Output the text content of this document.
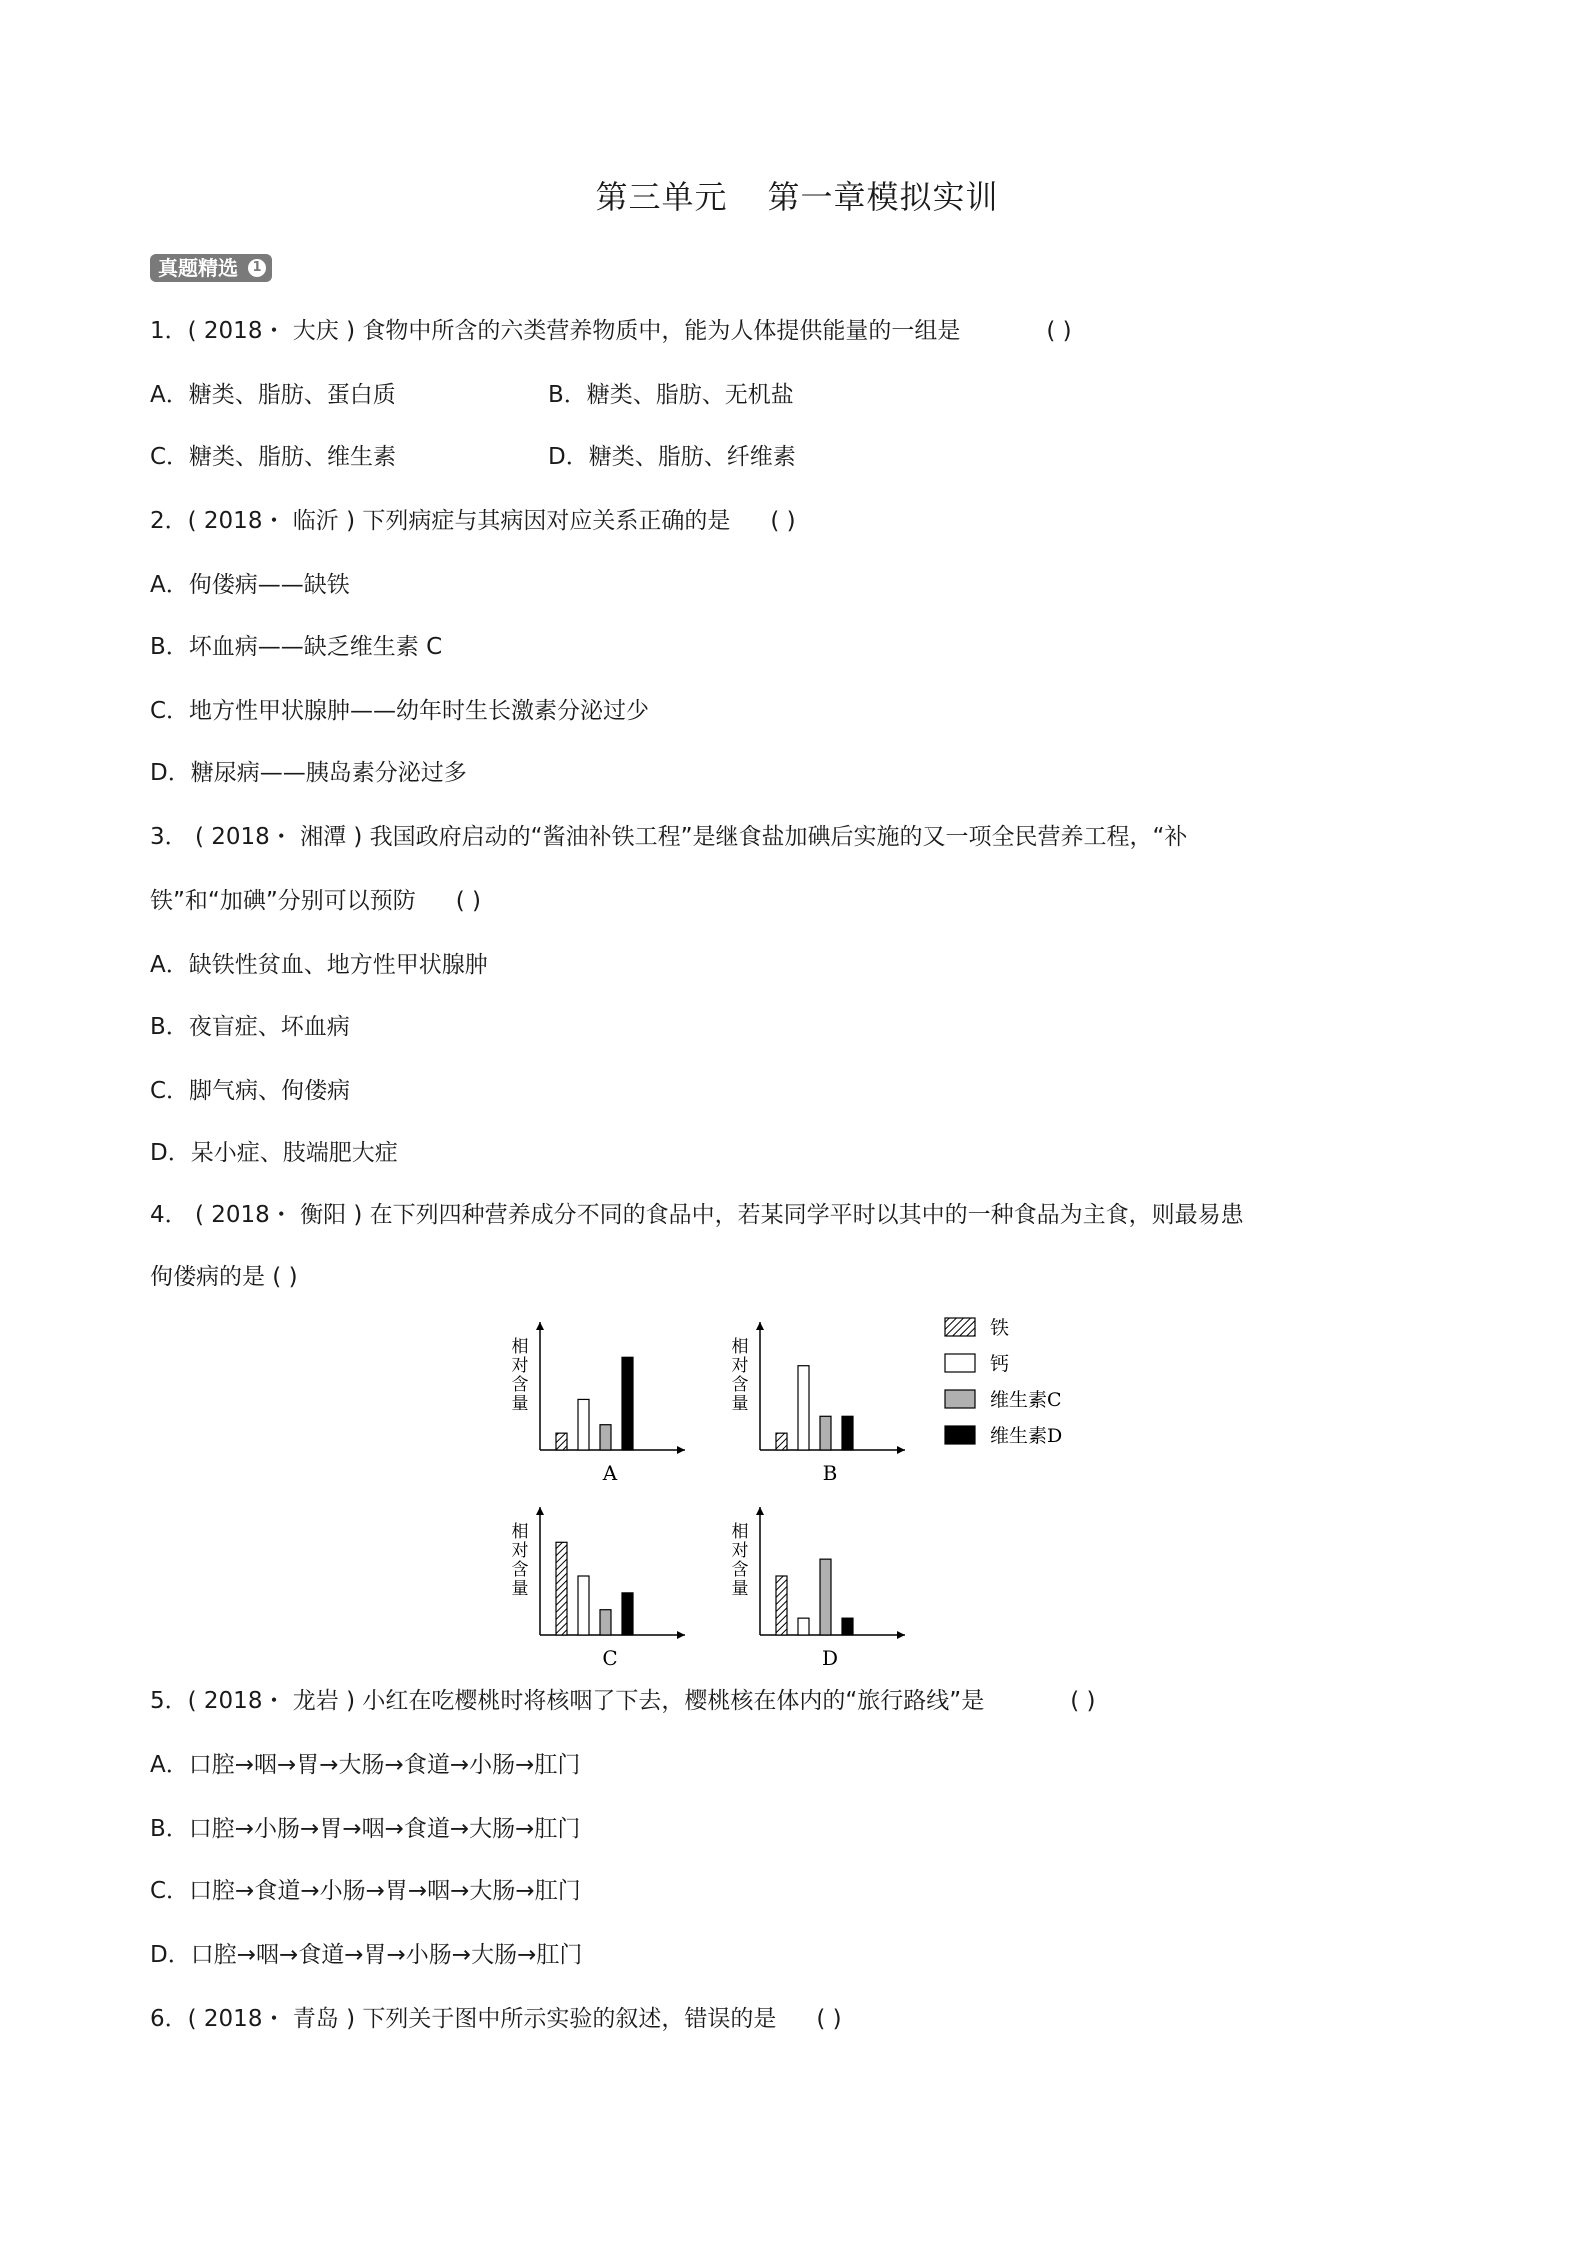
第三单元 第一章模拟实训
真题精选	1
1．( 2018・ 大庆 ) 食物中所含的六类营养物质中，能为人体提供能量的一组是	( )
A．糖类、脂肪、蛋白质	B．糖类、脂肪、无机盐
C．糖类、脂肪、维生素	D．糖类、脂肪、纤维素
2．( 2018・ 临沂 ) 下列病症与其病因对应关系正确的是 ( )
A．佝偻病——缺铁
B．坏血病——缺乏维生素 C
C．地方性甲状腺肿——幼年时生长激素分泌过少
D．糖尿病——胰岛素分泌过多
3． ( 2018・ 湘潭 ) 我国政府启动的“酱油补铁工程”是继食盐加碘后实施的又一项全民营养工程，“补
铁”和“加碘”分别可以预防 ( )
A．缺铁性贫血、地方性甲状腺肿
B．夜盲症、坏血病
C．脚气病、佝偻病
D．呆小症、肢端肥大症
4． ( 2018・ 衡阳 ) 在下列四种营养成分不同的食品中，若某同学平时以其中的一种食品为主食，则最易患
佝偻病的是 ( )
相对含量
A
相对含量
B
相对含量
C
相对含量
D
铁
钙
维生素C
维生素D
5．( 2018・ 龙岩 ) 小红在吃樱桃时将核咽了下去，樱桃核在体内的“旅行路线”是	( )
A．口腔→咽→胃→大肠→食道→小肠→肛门
B．口腔→小肠→胃→咽→食道→大肠→肛门
C．口腔→食道→小肠→胃→咽→大肠→肛门
D．口腔→咽→食道→胃→小肠→大肠→肛门
6．( 2018・ 青岛 ) 下列关于图中所示实验的叙述，错误的是 ( )
